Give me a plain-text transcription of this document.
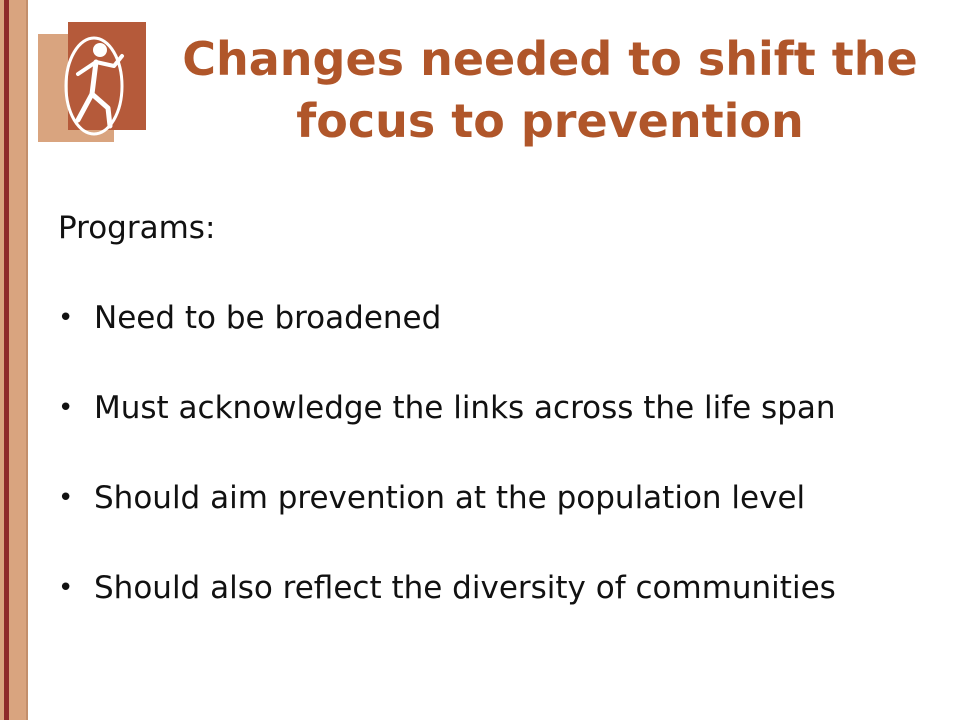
Changes needed to shift the focus to prevention

Programs:

• Need to be broadened
• Must acknowledge the links across the life span
• Should aim prevention at the population level
• Should also reflect the diversity of communities
